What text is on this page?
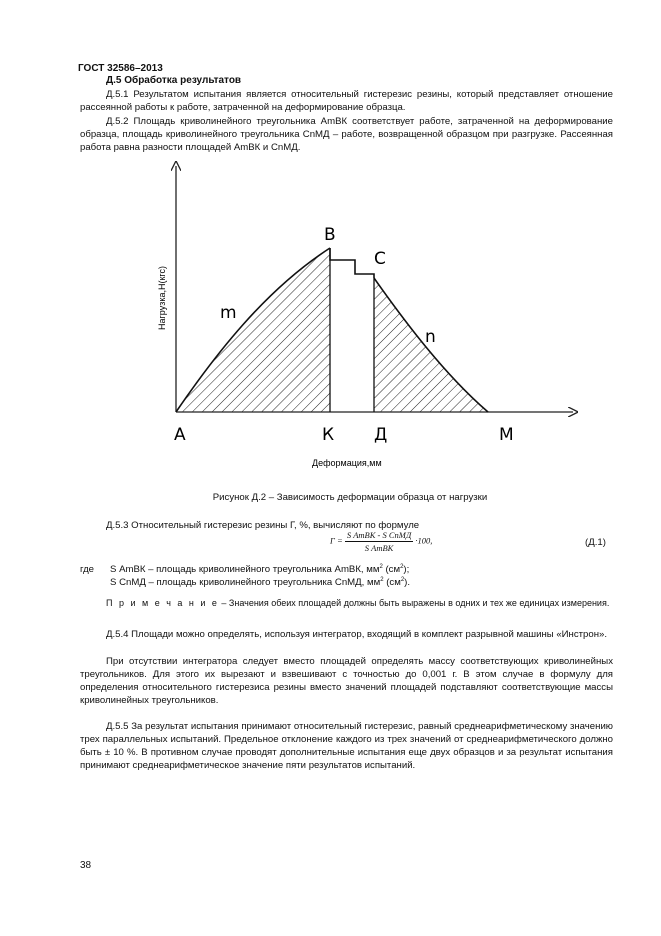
ГОСТ 32586–2013
Д.5 Обработка результатов

Д.5.1 Результатом испытания является относительный гистерезис резины, который представляет отношение рассеянной работы к работе, затраченной на деформирование образца.

Д.5.2 Площадь криволинейного треугольника АmВК соответствует работе, затраченной на деформирование образца, площадь криволинейного треугольника СnМД – работе, возвращенной образцом при разгрузке. Рассеянная работа равна разности площадей АmВК и СnМД.

В
С
m
n
А	К Д	М
Деформация,мм
Нагрузка,Н(кгс)
Рисунок Д.2 – Зависимость деформации образца от нагрузки

Д.5.3 Относительный гистерезис резины Г, %, вычисляют по формуле

$Г = \frac{\text{S АmВК - S СnМД}}{\text{S АmВК}} \cdot 100$,	(Д.1)
где S АmВК – площадь криволинейного треугольника АmВК, $мм^2$ $(см^2)$;
S СnМД – площадь криволинейного треугольника СnМД, $мм^2$ $(см^2)$.

П р и м е ч а н и е – Значения обеих площадей должны быть выражены в одних и тех же единицах измерения.

Д.5.4 Площади можно определять, используя интегратор, входящий в комплект разрывной машины «Инстрон».

При отсутствии интегратора следует вместо площадей определять массу соответствующих криволинейных треугольников. Для этого их вырезают и взвешивают с точностью до 0,001 г. В этом случае в формулу для определения относительного гистерезиса резины вместо значений площадей подставляют соответствующие массы криволинейных треугольников.

Д.5.5 За результат испытания принимают относительный гистерезис, равный среднеарифметическому значению трех параллельных испытаний. Предельное отклонение каждого из трех значений от среднеарифметического должно быть ± 10 %. В противном случае проводят дополнительные испытания еще двух образцов и за результат испытания принимают среднеарифметическое значение пяти результатов испытаний.

38
